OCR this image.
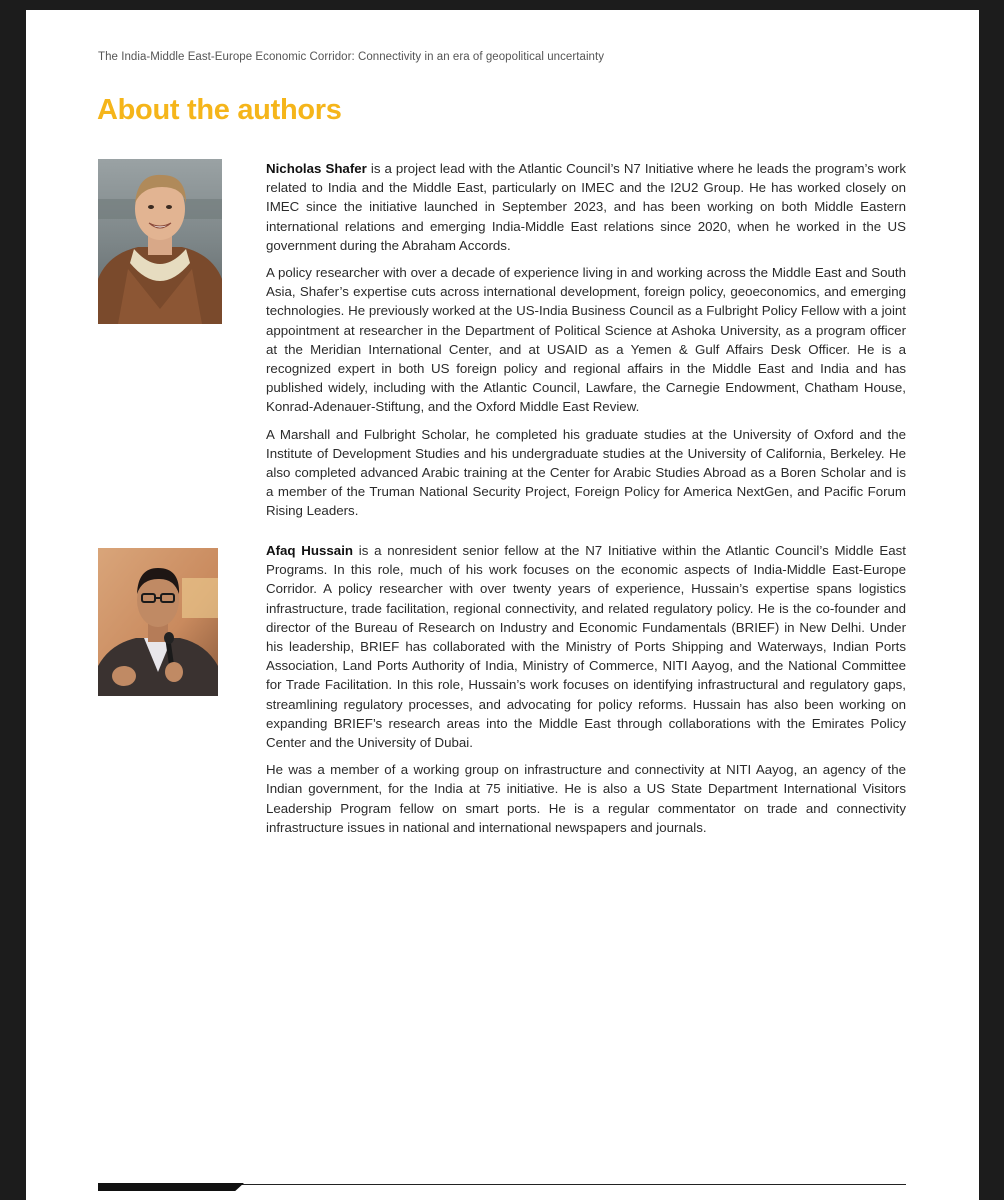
The India-Middle East-Europe Economic Corridor: Connectivity in an era of geopolitical uncertainty
About the authors

Nicholas Shafer is a project lead with the Atlantic Council’s N7 Initiative where he leads the program’s work related to India and the Middle East, particularly on IMEC and the I2U2 Group. He has worked closely on IMEC since the initiative launched in September 2023, and has been working on both Middle Eastern international relations and emerging India-Middle East relations since 2020, when he worked in the US government during the Abraham Accords.

A policy researcher with over a decade of experience living in and working across the Middle East and South Asia, Shafer’s expertise cuts across international development, foreign policy, geoeconomics, and emerging technologies. He previously worked at the US-India Business Council as a Fulbright Policy Fellow with a joint appointment at researcher in the Department of Political Science at Ashoka University, as a program officer at the Meridian International Center, and at USAID as a Yemen & Gulf Affairs Desk Officer. He is a recognized expert in both US foreign policy and regional affairs in the Middle East and India and has published widely, including with the Atlantic Council, Lawfare, the Carnegie Endowment, Chatham House, Konrad-Adenauer-Stiftung, and the Oxford Middle East Review.

A Marshall and Fulbright Scholar, he completed his graduate studies at the University of Oxford and the Institute of Development Studies and his undergraduate studies at the University of California, Berkeley. He also completed advanced Arabic training at the Center for Arabic Studies Abroad as a Boren Scholar and is a member of the Truman National Security Project, Foreign Policy for America NextGen, and Pacific Forum Rising Leaders.

Afaq Hussain is a nonresident senior fellow at the N7 Initiative within the Atlantic Council’s Middle East Programs. In this role, much of his work focuses on the economic aspects of India-Middle East-Europe Corridor. A policy researcher with over twenty years of experience, Hussain’s expertise spans logistics infrastructure, trade facilitation, regional connectivity, and related regulatory policy. He is the co-founder and director of the Bureau of Research on Industry and Economic Fundamentals (BRIEF) in New Delhi. Under his leadership, BRIEF has collaborated with the Ministry of Ports Shipping and Waterways, Indian Ports Association, Land Ports Authority of India, Ministry of Commerce, NITI Aayog, and the National Committee for Trade Facilitation. In this role, Hussain’s work focuses on identifying infrastructural and regulatory gaps, streamlining regulatory processes, and advocating for policy reforms. Hussain has also been working on expanding BRIEF’s research areas into the Middle East through collaborations with the Emirates Policy Center and the University of Dubai.

He was a member of a working group on infrastructure and connectivity at NITI Aayog, an agency of the Indian government, for the India at 75 initiative. He is also a US State Department International Visitors Leadership Program fellow on smart ports. He is a regular commentator on trade and connectivity infrastructure issues in national and international newspapers and journals.
